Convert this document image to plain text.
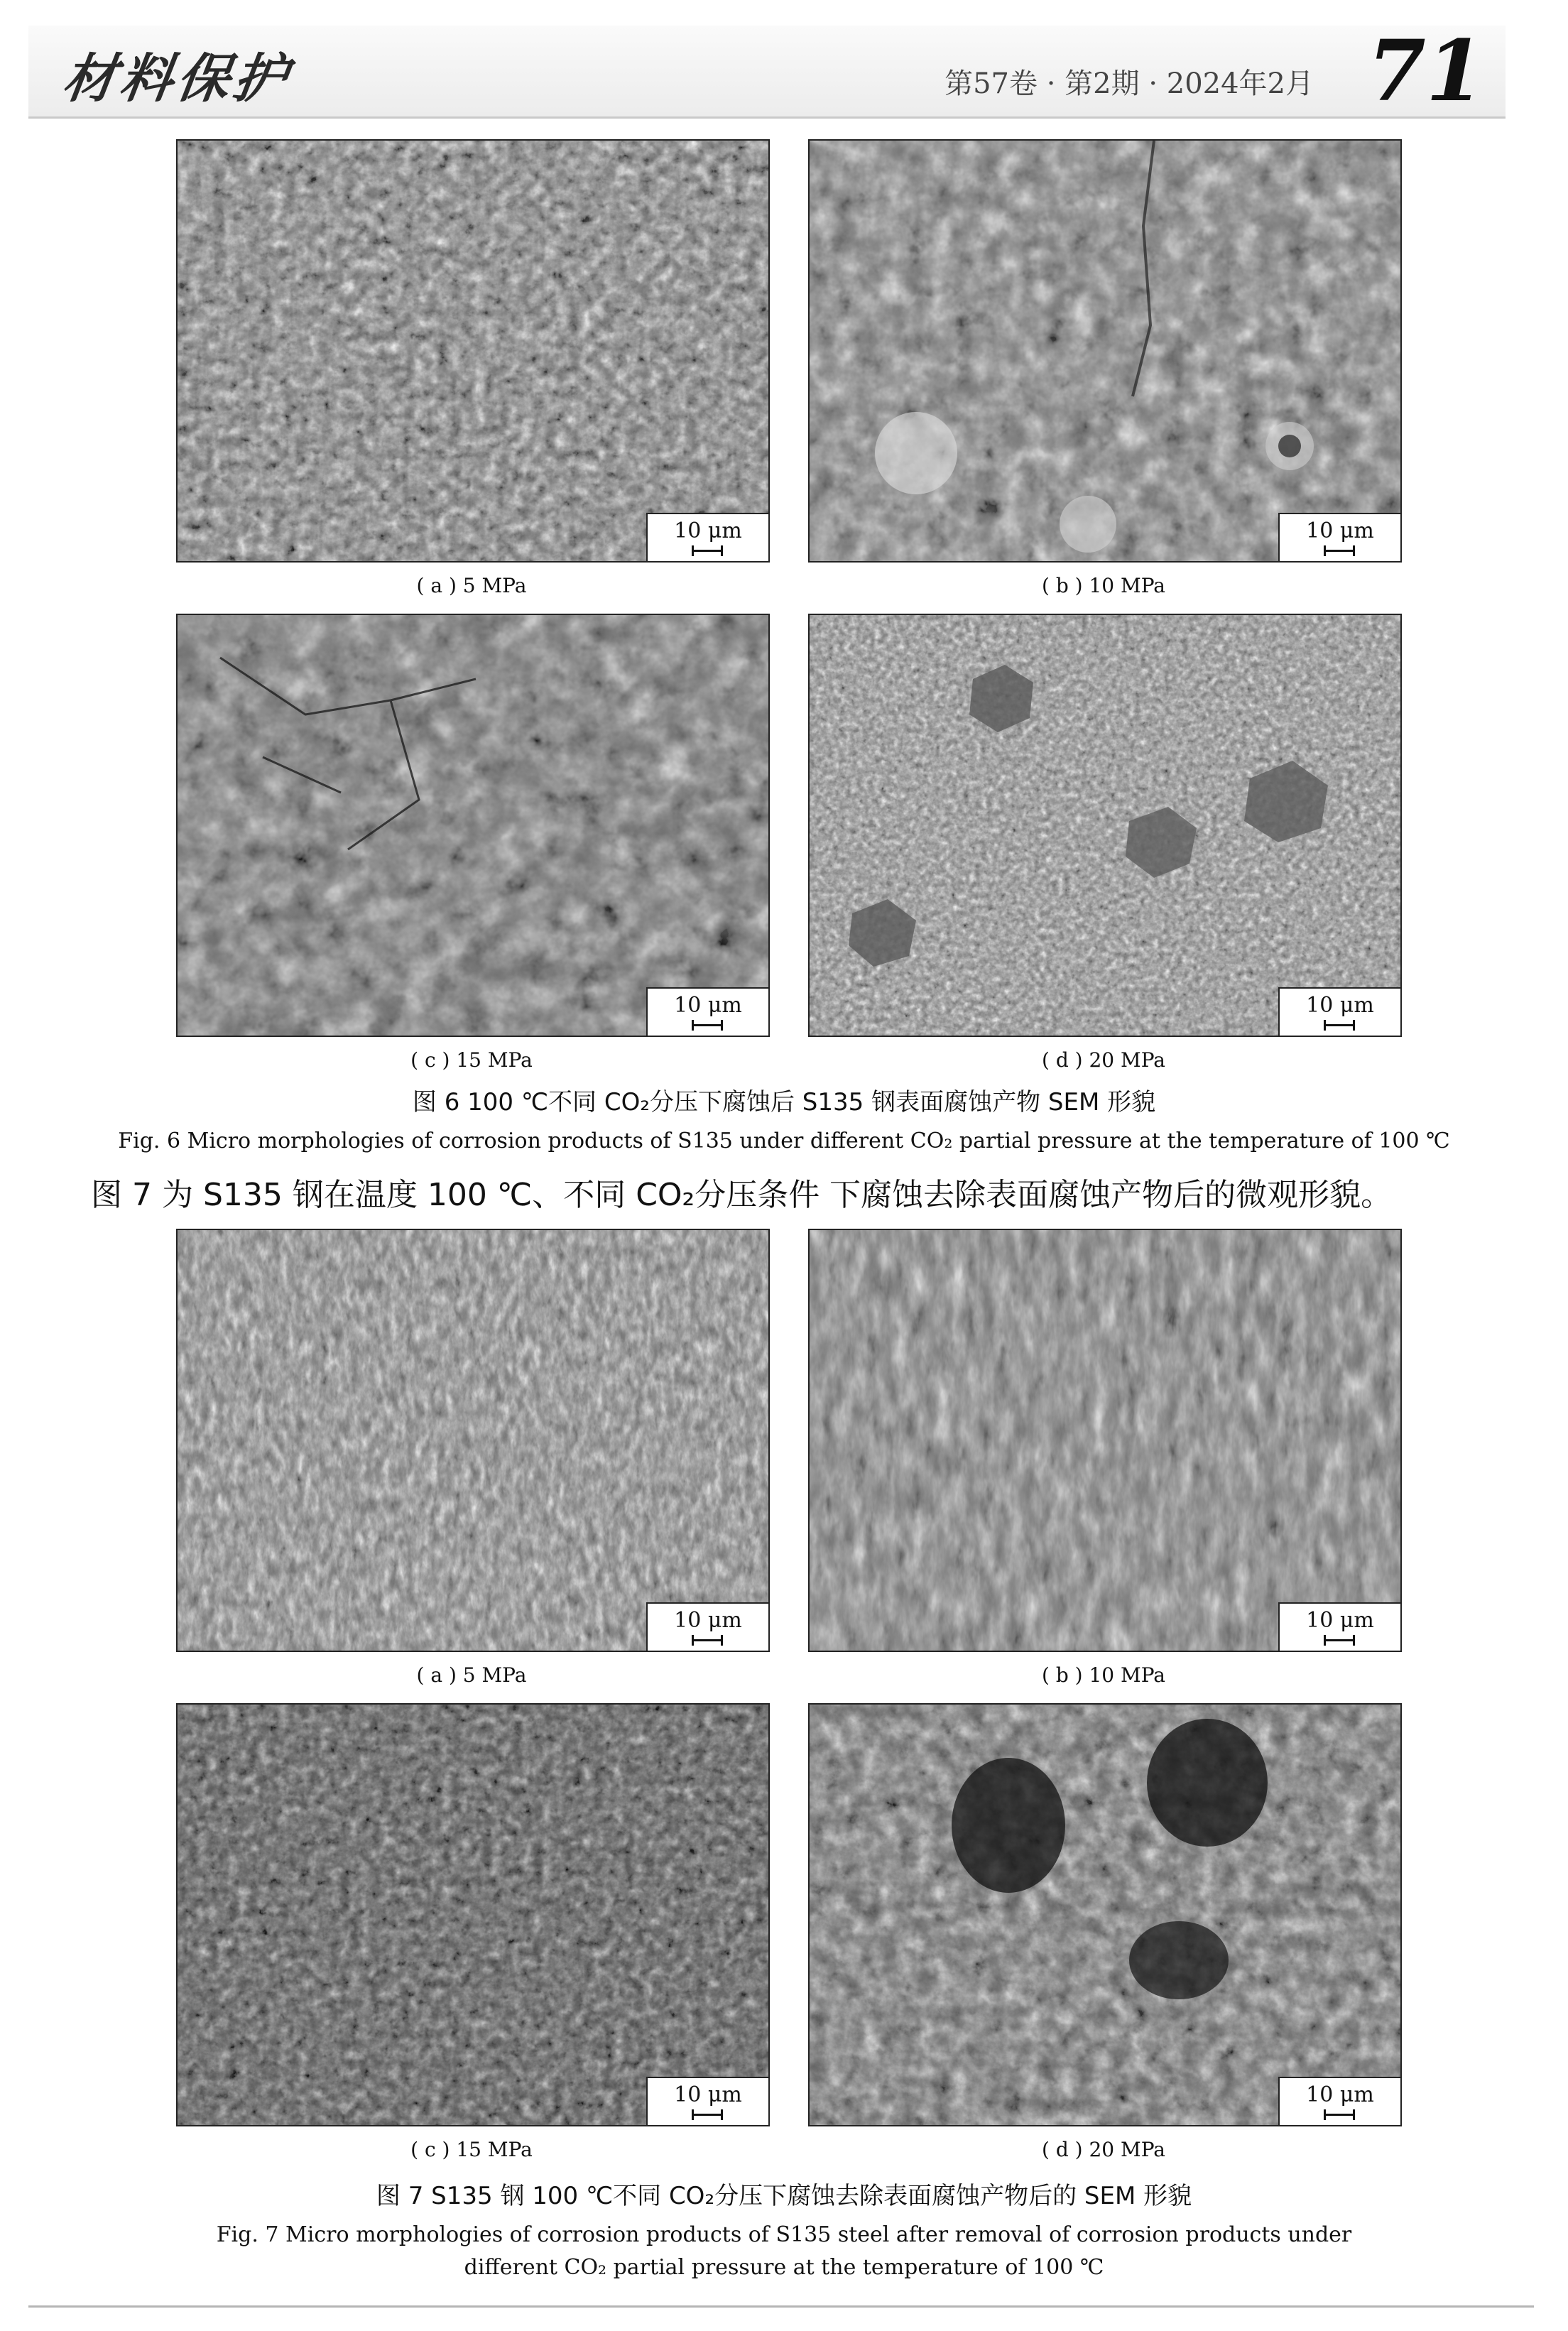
材料保护	第57卷 · 第2期 · 2024年2月 71
10 μm
( a ) 5 MPa
10 μm
( b ) 10 MPa
10 μm
( c ) 15 MPa
10 μm
( d ) 20 MPa
图 6 100 ℃不同 CO₂分压下腐蚀后 S135 钢表面腐蚀产物 SEM 形貌
Fig. 6 Micro morphologies of corrosion products of S135 under different CO₂ partial pressure at the temperature of 100 ℃
图 7 为 S135 钢在温度 100 ℃、不同 CO₂分压条件 下腐蚀去除表面腐蚀产物后的微观形貌。
10 μm
( a ) 5 MPa
10 μm
( b ) 10 MPa
10 μm
( c ) 15 MPa
10 μm
( d ) 20 MPa
图 7 S135 钢 100 ℃不同 CO₂分压下腐蚀去除表面腐蚀产物后的 SEM 形貌
Fig. 7 Micro morphologies of corrosion products of S135 steel after removal of corrosion products under
different CO₂ partial pressure at the temperature of 100 ℃
